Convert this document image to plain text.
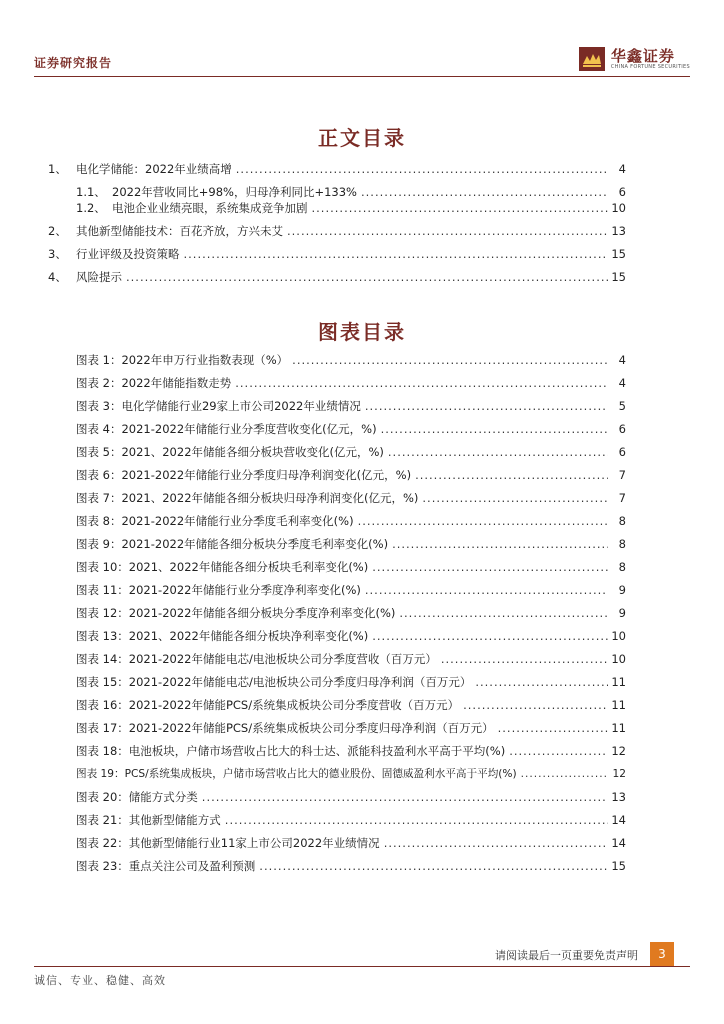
证券研究报告	华鑫证券
CHINA FORTUNE SECURITIES
正文目录
1、 电化学储能：2022年业绩高增 .....	4
1.1、 2022年营收同比+98%，归母净利同比+133% .....	6
1.2、 电池企业业绩亮眼，系统集成竞争加剧 .....	10
2、 其他新型储能技术：百花齐放，方兴未艾 .....	13
3、 行业评级及投资策略 .....	15
4、 风险提示 .....	15
图表目录
图表 1：2022年申万行业指数表现（%） .....	4
图表 2：2022年储能指数走势 .....	4
图表 3：电化学储能行业29家上市公司2022年业绩情况 .....	5
图表 4：2021-2022年储能行业分季度营收变化(亿元，%) .....	6
图表 5：2021、2022年储能各细分板块营收变化(亿元，%) .....	6
图表 6：2021-2022年储能行业分季度归母净利润变化(亿元，%) .....	7
图表 7：2021、2022年储能各细分板块归母净利润变化(亿元，%) .....	7
图表 8：2021-2022年储能行业分季度毛利率变化(%) .....	8
图表 9：2021-2022年储能各细分板块分季度毛利率变化(%) .....	8
图表 10：2021、2022年储能各细分板块毛利率变化(%) .....	8
图表 11：2021-2022年储能行业分季度净利率变化(%) .....	9
图表 12：2021-2022年储能各细分板块分季度净利率变化(%) .....	9
图表 13：2021、2022年储能各细分板块净利率变化(%) .....	10
图表 14：2021-2022年储能电芯/电池板块公司分季度营收（百万元） .....	10
图表 15：2021-2022年储能电芯/电池板块公司分季度归母净利润（百万元） .....	11
图表 16：2021-2022年储能PCS/系统集成板块公司分季度营收（百万元） .....	11
图表 17：2021-2022年储能PCS/系统集成板块公司分季度归母净利润（百万元） .....	11
图表 18：电池板块，户储市场营收占比大的科士达、派能科技盈利水平高于平均(%) .....	12
图表 19：PCS/系统集成板块，户储市场营收占比大的德业股份、固德威盈利水平高于平均(%) .....	12
图表 20：储能方式分类 .....	13
图表 21：其他新型储能方式 .....	14
图表 22：其他新型储能行业11家上市公司2022年业绩情况 .....	14
图表 23：重点关注公司及盈利预测 .....	15
请阅读最后一页重要免责声明	3
诚信、专业、稳健、高效
